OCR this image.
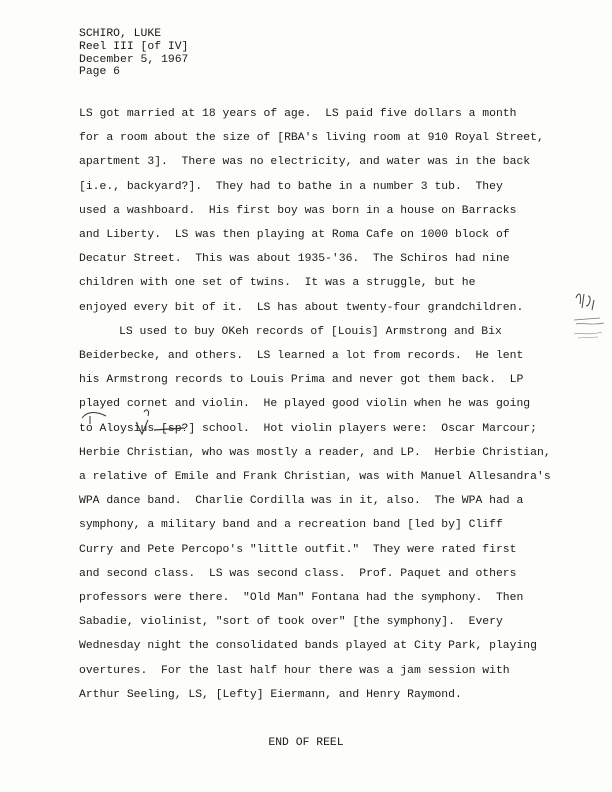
SCHIRO, LUKE
Reel III [of IV]
December 5, 1967
Page 6
LS got married at 18 years of age.  LS paid five dollars a month
for a room about the size of [RBA's living room at 910 Royal Street,
apartment 3].  There was no electricity, and water was in the back
[i.e., backyard?].  They had to bathe in a number 3 tub.  They
used a washboard.  His first boy was born in a house on Barracks
and Liberty.  LS was then playing at Roma Cafe on 1000 block of
Decatur Street.  This was about 1935-'36.  The Schiros had nine
children with one set of twins.  It was a struggle, but he
enjoyed every bit of it.  LS has about twenty-four grandchildren.
LS used to buy OKeh records of [Louis] Armstrong and Bix
Beiderbecke, and others.  LS learned a lot from records.  He lent
his Armstrong records to Louis Prima and never got them back.  LP
played cornet and violin.  He played good violin when he was going
to Aloysius [sp?] school.  Hot violin players were:  Oscar Marcour;
Herbie Christian, who was mostly a reader, and LP.  Herbie Christian,
a relative of Emile and Frank Christian, was with Manuel Allesandra's
WPA dance band.  Charlie Cordilla was in it, also.  The WPA had a
symphony, a military band and a recreation band [led by] Cliff
Curry and Pete Percopo's "little outfit."  They were rated first
and second class.  LS was second class.  Prof. Paquet and others
professors were there.  "Old Man" Fontana had the symphony.  Then
Sabadie, violinist, "sort of took over" [the symphony].  Every
Wednesday night the consolidated bands played at City Park, playing
overtures.  For the last half hour there was a jam session with
Arthur Seeling, LS, [Lefty] Eiermann, and Henry Raymond.
END OF REEL
